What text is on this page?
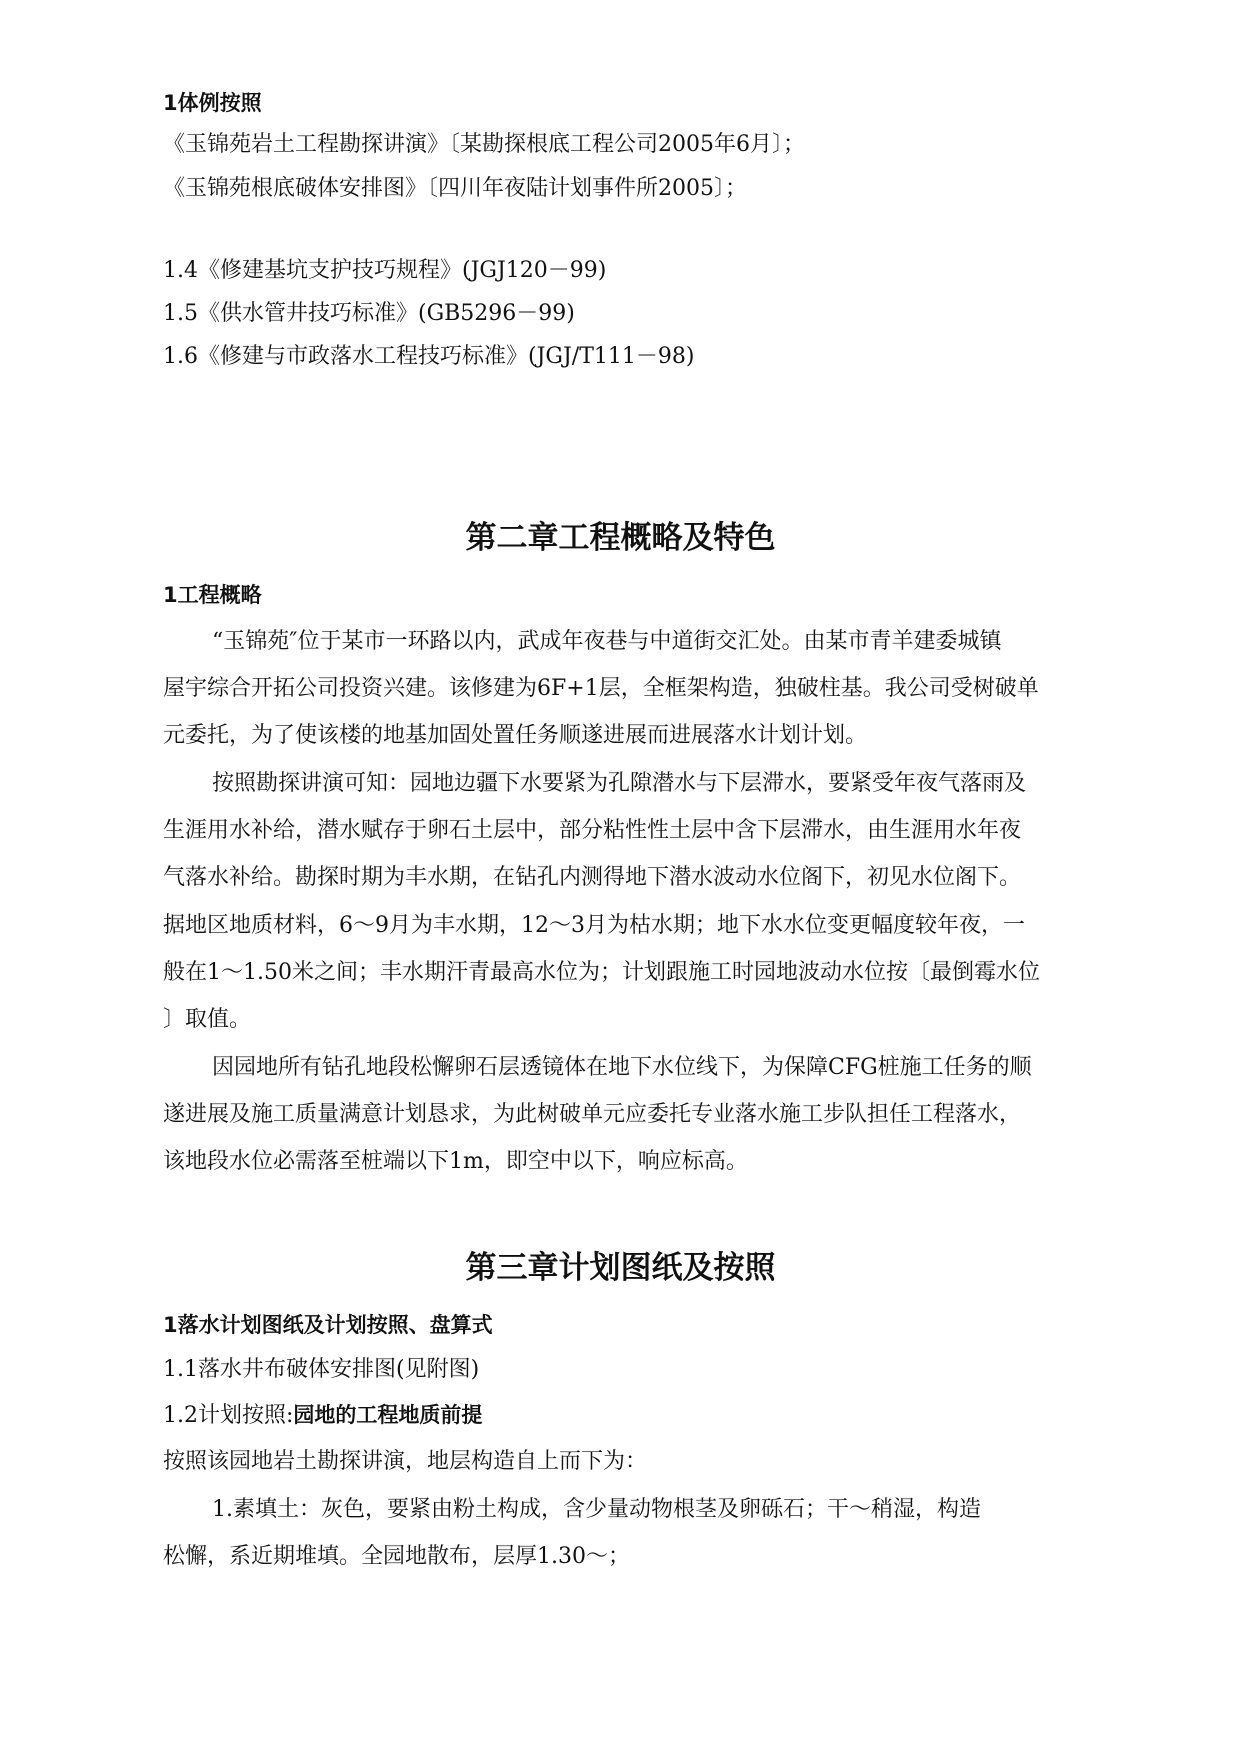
1体例按照
《玉锦苑岩土工程勘探讲演》〔某勘探根底工程公司2005年6月〕；
《玉锦苑根底破体安排图》〔四川年夜陆计划事件所2005〕；
1.4《修建基坑支护技巧规程》(JGJ120－99)
1.5《供水管井技巧标准》(GB5296－99)
1.6《修建与市政落水工程技巧标准》(JGJ/T111－98)
第二章工程概略及特色
1工程概略
“玉锦苑″位于某市一环路以内，武成年夜巷与中道街交汇处。由某市青羊建委城镇
屋宇综合开拓公司投资兴建。该修建为6F+1层，全框架构造，独破柱基。我公司受树破单
元委托，为了使该楼的地基加固处置任务顺遂进展而进展落水计划计划。
按照勘探讲演可知：园地边疆下水要紧为孔隙潜水与下层滞水，要紧受年夜气落雨及
生涯用水补给，潜水赋存于卵石土层中，部分粘性性土层中含下层滞水，由生涯用水年夜
气落水补给。勘探时期为丰水期，在钻孔内测得地下潜水波动水位阁下，初见水位阁下。
据地区地质材料，6～9月为丰水期，12～3月为枯水期；地下水水位变更幅度较年夜，一
般在1～1.50米之间；丰水期汗青最高水位为；计划跟施工时园地波动水位按〔最倒霉水位
〕取值。
因园地所有钻孔地段松懈卵石层透镜体在地下水位线下，为保障CFG桩施工任务的顺
遂进展及施工质量满意计划恳求，为此树破单元应委托专业落水施工步队担任工程落水，
该地段水位必需落至桩端以下1m，即空中以下，响应标高。
第三章计划图纸及按照
1落水计划图纸及计划按照、盘算式
1.1落水井布破体安排图(见附图)
1.2计划按照:园地的工程地质前提
按照该园地岩土勘探讲演，地层构造自上而下为：
1.素填土：灰色，要紧由粉土构成，含少量动物根茎及卵砾石；干～稍湿，构造
松懈，系近期堆填。全园地散布，层厚1.30～；
